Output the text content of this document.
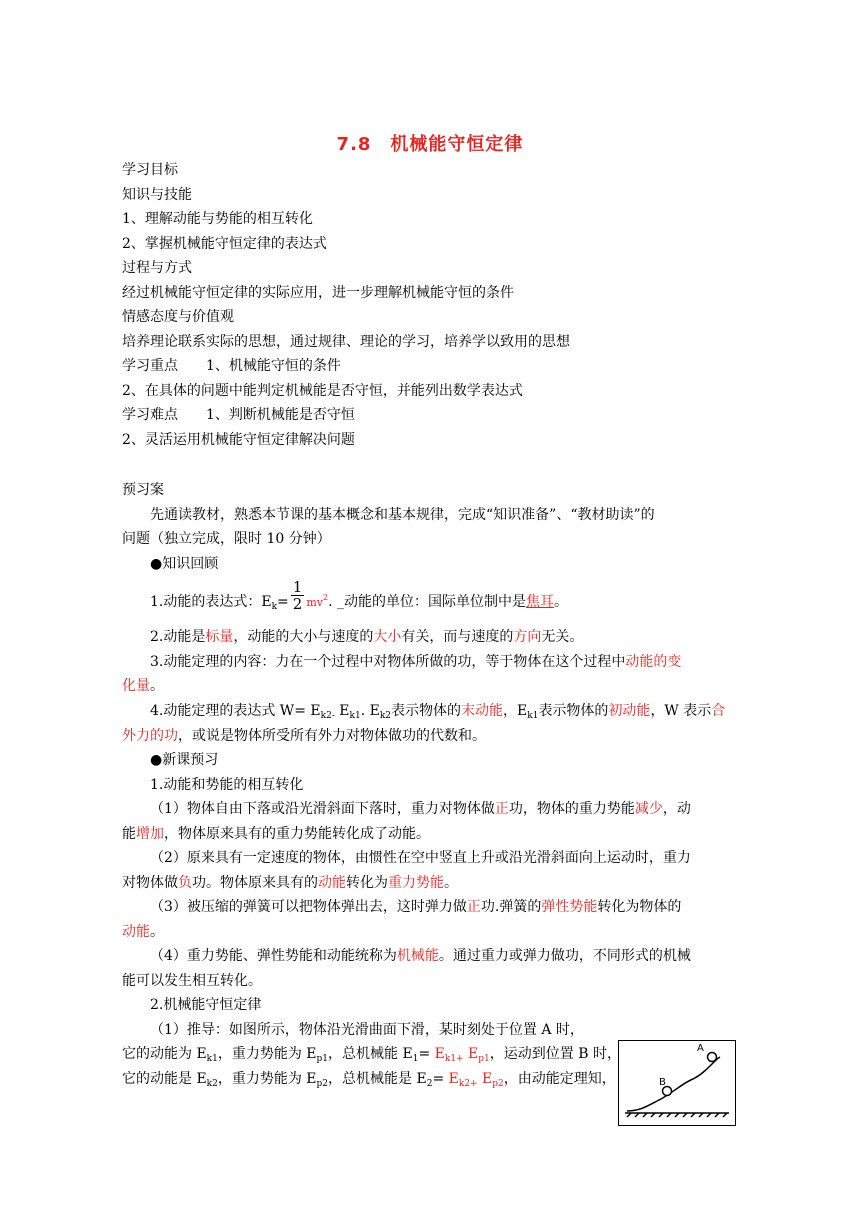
7.8　机械能守恒定律
学习目标
知识与技能
1、理解动能与势能的相互转化
2、掌握机械能守恒定律的表达式
过程与方式
经过机械能守恒定律的实际应用，进一步理解机械能守恒的条件
情感态度与价值观
培养理论联系实际的思想，通过规律、理论的学习，培养学以致用的思想
学习重点 1、机械能守恒的条件
2、在具体的问题中能判定机械能是否守恒，并能列出数学表达式
学习难点 1、判断机械能是否守恒
2、灵活运用机械能守恒定律解决问题
预习案
先通读教材，熟悉本节课的基本概念和基本规律，完成“知识准备”、“教材助读”的
问题（独立完成，限时 10 分钟）
●知识回顾
1.动能的表达式：$E_k= \frac{1}{2} mv^2$. _动能的单位：国际单位制中是焦耳。
2.动能是标量，动能的大小与速度的大小有关，而与速度的方向无关。
3.动能定理的内容：力在一个过程中对物体所做的功，等于物体在这个过程中动能的变
化量。
4.动能定理的表达式 $W= E_{k2-}$ $E_{k1}$. $E_{k2}$表示物体的末动能，$E_{k1}$表示物体的初动能，W 表示合
外力的功，或说是物体所受所有外力对物体做功的代数和。
●新课预习
1.动能和势能的相互转化
（1）物体自由下落或沿光滑斜面下落时，重力对物体做正功，物体的重力势能减少，动
能增加，物体原来具有的重力势能转化成了动能。
（2）原来具有一定速度的物体，由惯性在空中竖直上升或沿光滑斜面向上运动时，重力
对物体做负功。物体原来具有的动能转化为重力势能。
（3）被压缩的弹簧可以把物体弹出去，这时弹力做正功.弹簧的弹性势能转化为物体的
动能。
（4）重力势能、弹性势能和动能统称为机械能。通过重力或弹力做功，不同形式的机械
能可以发生相互转化。
2.机械能守恒定律
（1）推导：如图所示，物体沿光滑曲面下滑，某时刻处于位置 A 时，
它的动能为 $E_{k1}$，重力势能为 $E_{p1}$，总机械能 $E_1= E_{k1+}$ $E_{p1}$，运动到位置 B 时，
它的动能是 $E_{k2}$，重力势能为 $E_{p2}$，总机械能是 $E_2= E_{k2+}$ $E_{p2}$，由动能定理知，
A
B
